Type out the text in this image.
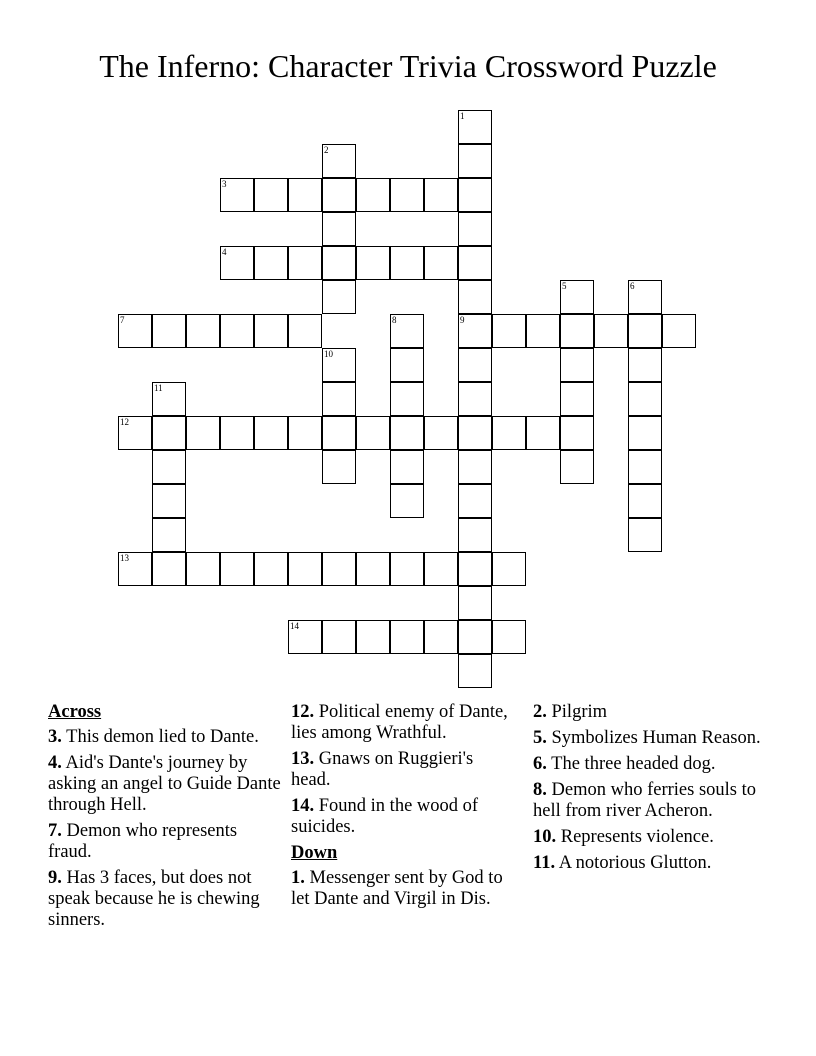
The Inferno: Character Trivia Crossword Puzzle
1
9
2
3
4
5	6
7	8
10
11
12
13
14
Across
3. This demon lied to Dante.
4. Aid's Dante's journey by asking an angel to Guide Dante through Hell.
7. Demon who represents fraud.
9. Has 3 faces, but does not speak because he is chewing sinners.
12. Political enemy of Dante, lies among Wrathful.
13. Gnaws on Ruggieri's head.
14. Found in the wood of suicides.
Down
1. Messenger sent by God to let Dante and Virgil in Dis.
2. Pilgrim
5. Symbolizes Human Reason.
6. The three headed dog.
8. Demon who ferries souls to hell from river Acheron.
10. Represents violence.
11. A notorious Glutton.
